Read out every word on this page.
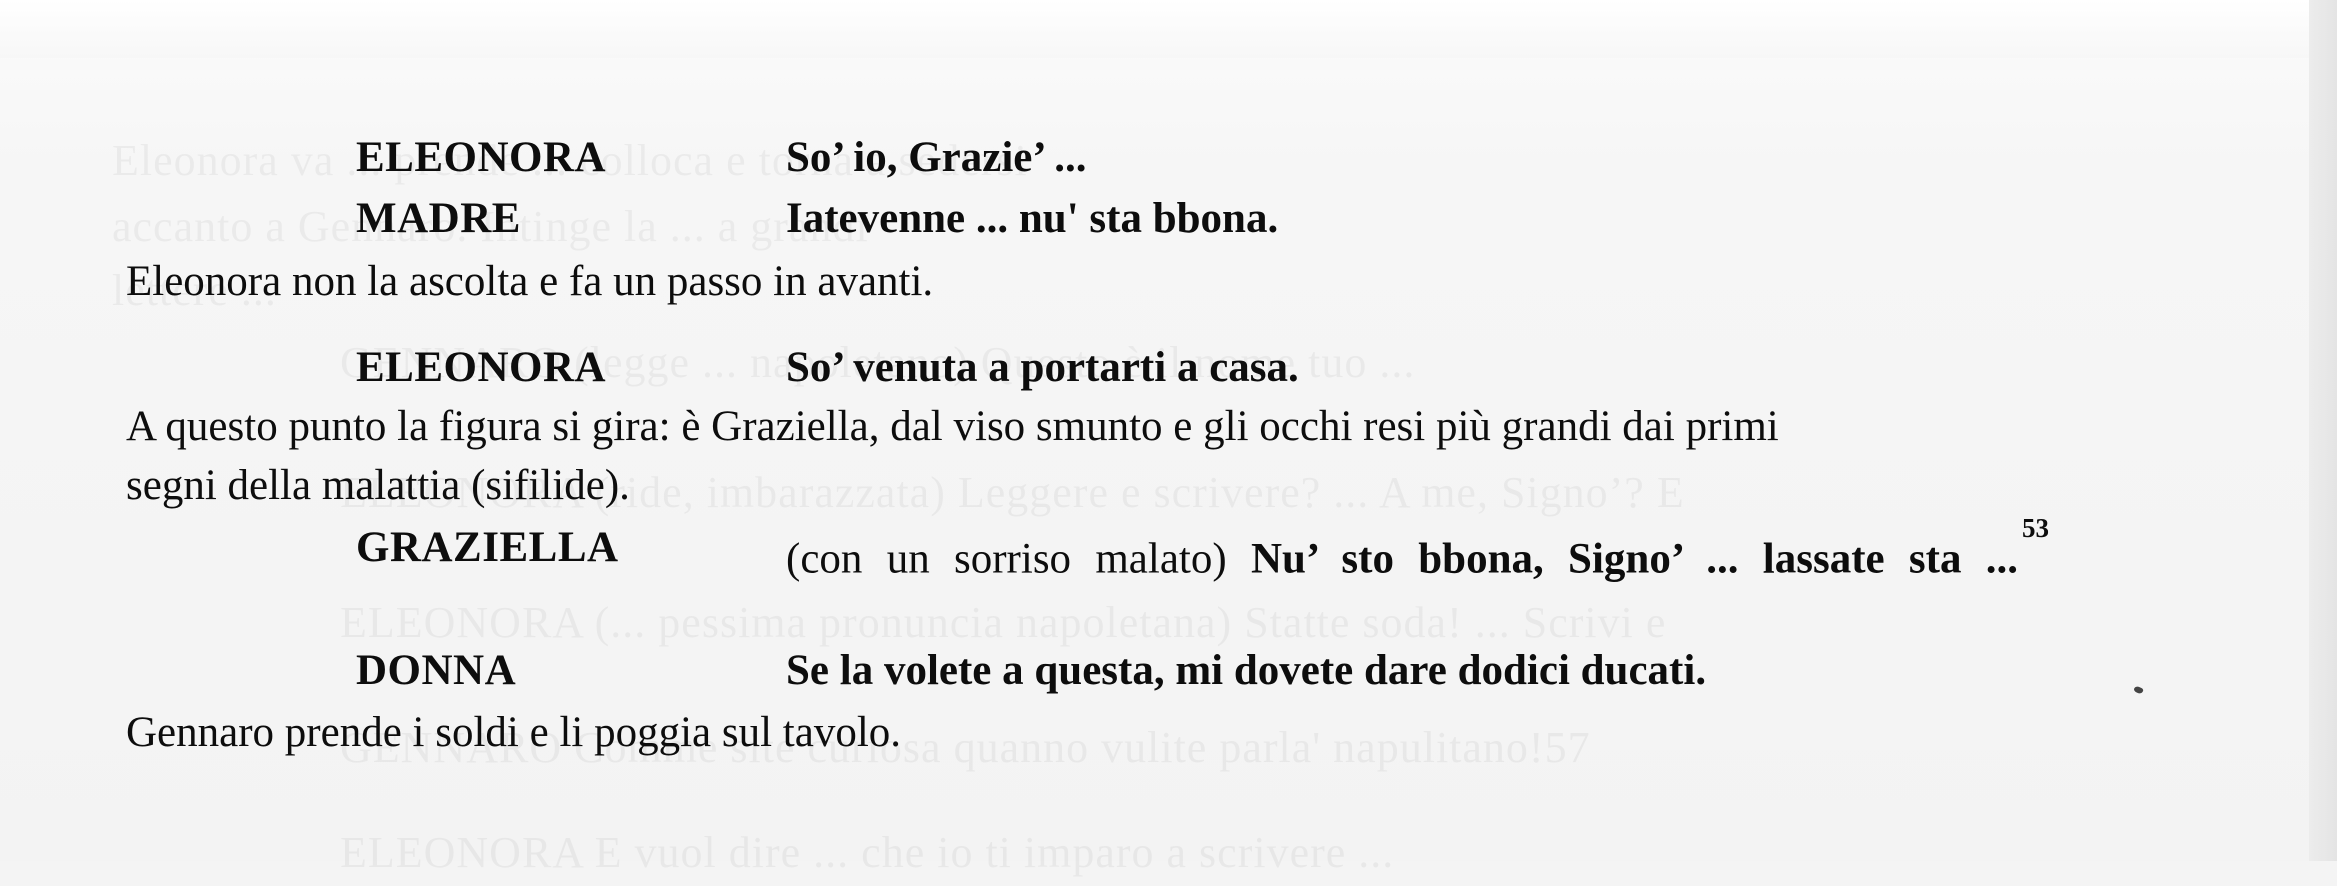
ELEONORA	So’ io, Grazie’ ...
MADRE	Iatevenne ... nu' sta bbona.
Eleonora non la ascolta e fa un passo in avanti.
ELEONORA	So’ venuta a portarti a casa.
A questo punto la figura si gira: è Graziella, dal viso smunto e gli occhi resi più grandi dai primi
segni della malattia (sifilide).
GRAZIELLA	(con un sorriso malato) Nu’ sto bbona, Signo’ ... lassate sta ...$^{53}$
DONNA	Se la volete a questa, mi dovete dare dodici ducati.
Gennaro prende i soldi e li poggia sul tavolo.
